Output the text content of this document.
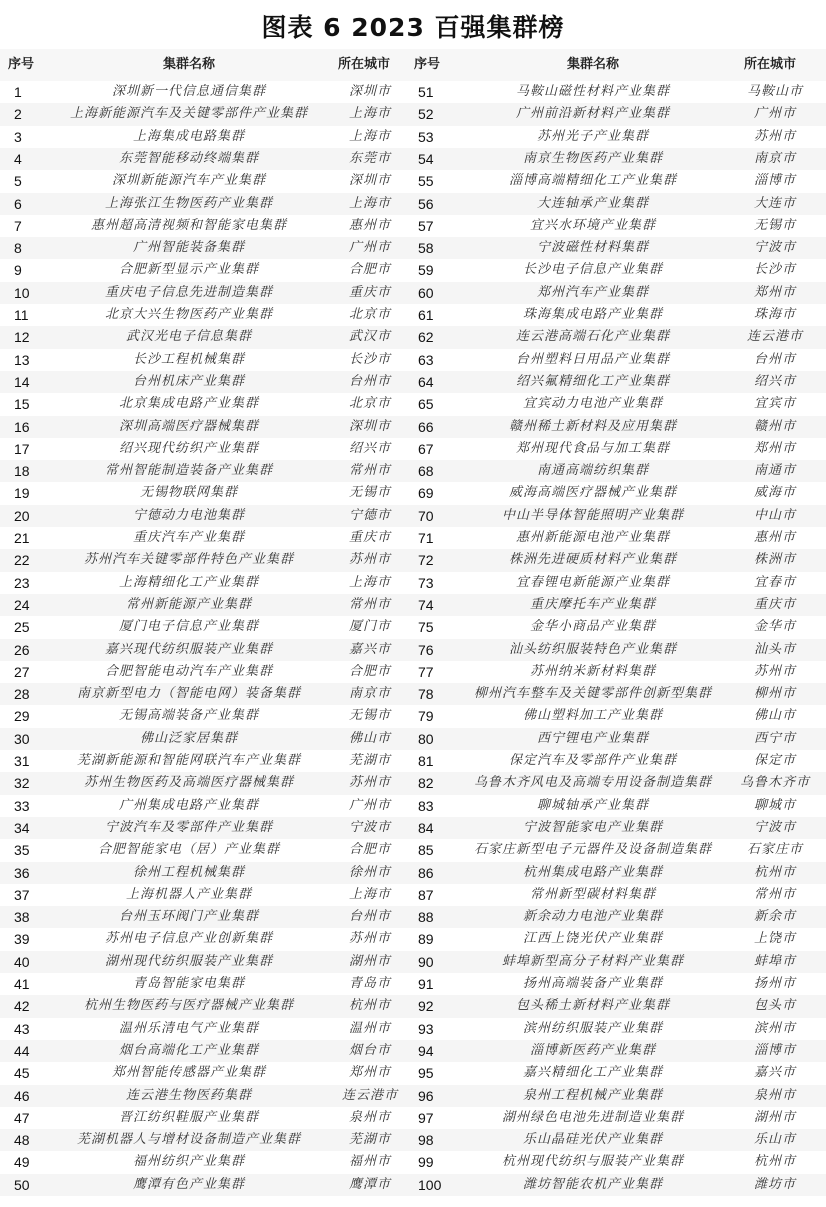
图表 6 2023 百强集群榜
序号	集群名称	所在城市 序号	集群名称	所在城市
1	深圳新一代信息通信集群	深圳市	51	马鞍山磁性材料产业集群	马鞍山市
2	上海新能源汽车及关键零部件产业集群	上海市	52	广州前沿新材料产业集群	广州市
3	上海集成电路集群	上海市	53	苏州光子产业集群	苏州市
4	东莞智能移动终端集群	东莞市	54	南京生物医药产业集群	南京市
5	深圳新能源汽车产业集群	深圳市	55	淄博高端精细化工产业集群	淄博市
6	上海张江生物医药产业集群	上海市	56	大连轴承产业集群	大连市
7	惠州超高清视频和智能家电集群	惠州市	57	宜兴水环境产业集群	无锡市
8	广州智能装备集群	广州市	58	宁波磁性材料集群	宁波市
9	合肥新型显示产业集群	合肥市	59	长沙电子信息产业集群	长沙市
10	重庆电子信息先进制造集群	重庆市	60	郑州汽车产业集群	郑州市
11	北京大兴生物医药产业集群	北京市	61	珠海集成电路产业集群	珠海市
12	武汉光电子信息集群	武汉市	62	连云港高端石化产业集群	连云港市
13	长沙工程机械集群	长沙市	63	台州塑料日用品产业集群	台州市
14	台州机床产业集群	台州市	64	绍兴氟精细化工产业集群	绍兴市
15	北京集成电路产业集群	北京市	65	宜宾动力电池产业集群	宜宾市
16	深圳高端医疗器械集群	深圳市	66	赣州稀土新材料及应用集群	赣州市
17	绍兴现代纺织产业集群	绍兴市	67	郑州现代食品与加工集群	郑州市
18	常州智能制造装备产业集群	常州市	68	南通高端纺织集群	南通市
19	无锡物联网集群	无锡市	69	威海高端医疗器械产业集群	威海市
20	宁德动力电池集群	宁德市	70	中山半导体智能照明产业集群	中山市
21	重庆汽车产业集群	重庆市	71	惠州新能源电池产业集群	惠州市
22	苏州汽车关键零部件特色产业集群	苏州市	72	株洲先进硬质材料产业集群	株洲市
23	上海精细化工产业集群	上海市	73	宜春锂电新能源产业集群	宜春市
24	常州新能源产业集群	常州市	74	重庆摩托车产业集群	重庆市
25	厦门电子信息产业集群	厦门市	75	金华小商品产业集群	金华市
26	嘉兴现代纺织服装产业集群	嘉兴市	76	汕头纺织服装特色产业集群	汕头市
27	合肥智能电动汽车产业集群	合肥市	77	苏州纳米新材料集群	苏州市
28	南京新型电力（智能电网）装备集群	南京市	78	柳州汽车整车及关键零部件创新型集群	柳州市
29	无锡高端装备产业集群	无锡市	79	佛山塑料加工产业集群	佛山市
30	佛山泛家居集群	佛山市	80	西宁锂电产业集群	西宁市
31	芜湖新能源和智能网联汽车产业集群	芜湖市	81	保定汽车及零部件产业集群	保定市
32	苏州生物医药及高端医疗器械集群	苏州市	82	乌鲁木齐风电及高端专用设备制造集群	乌鲁木齐市
33	广州集成电路产业集群	广州市	83	聊城轴承产业集群	聊城市
34	宁波汽车及零部件产业集群	宁波市	84	宁波智能家电产业集群	宁波市
35	合肥智能家电（居）产业集群	合肥市	85	石家庄新型电子元器件及设备制造集群	石家庄市
36	徐州工程机械集群	徐州市	86	杭州集成电路产业集群	杭州市
37	上海机器人产业集群	上海市	87	常州新型碳材料集群	常州市
38	台州玉环阀门产业集群	台州市	88	新余动力电池产业集群	新余市
39	苏州电子信息产业创新集群	苏州市	89	江西上饶光伏产业集群	上饶市
40	湖州现代纺织服装产业集群	湖州市	90	蚌埠新型高分子材料产业集群	蚌埠市
41	青岛智能家电集群	青岛市	91	扬州高端装备产业集群	扬州市
42	杭州生物医药与医疗器械产业集群	杭州市	92	包头稀土新材料产业集群	包头市
43	温州乐清电气产业集群	温州市	93	滨州纺织服装产业集群	滨州市
44	烟台高端化工产业集群	烟台市	94	淄博新医药产业集群	淄博市
45	郑州智能传感器产业集群	郑州市	95	嘉兴精细化工产业集群	嘉兴市
46	连云港生物医药集群	连云港市	96	泉州工程机械产业集群	泉州市
47	晋江纺织鞋服产业集群	泉州市	97	湖州绿色电池先进制造业集群	湖州市
48	芜湖机器人与增材设备制造产业集群	芜湖市	98	乐山晶硅光伏产业集群	乐山市
49	福州纺织产业集群	福州市	99	杭州现代纺织与服装产业集群	杭州市
50	鹰潭有色产业集群	鹰潭市	100	潍坊智能农机产业集群	潍坊市
